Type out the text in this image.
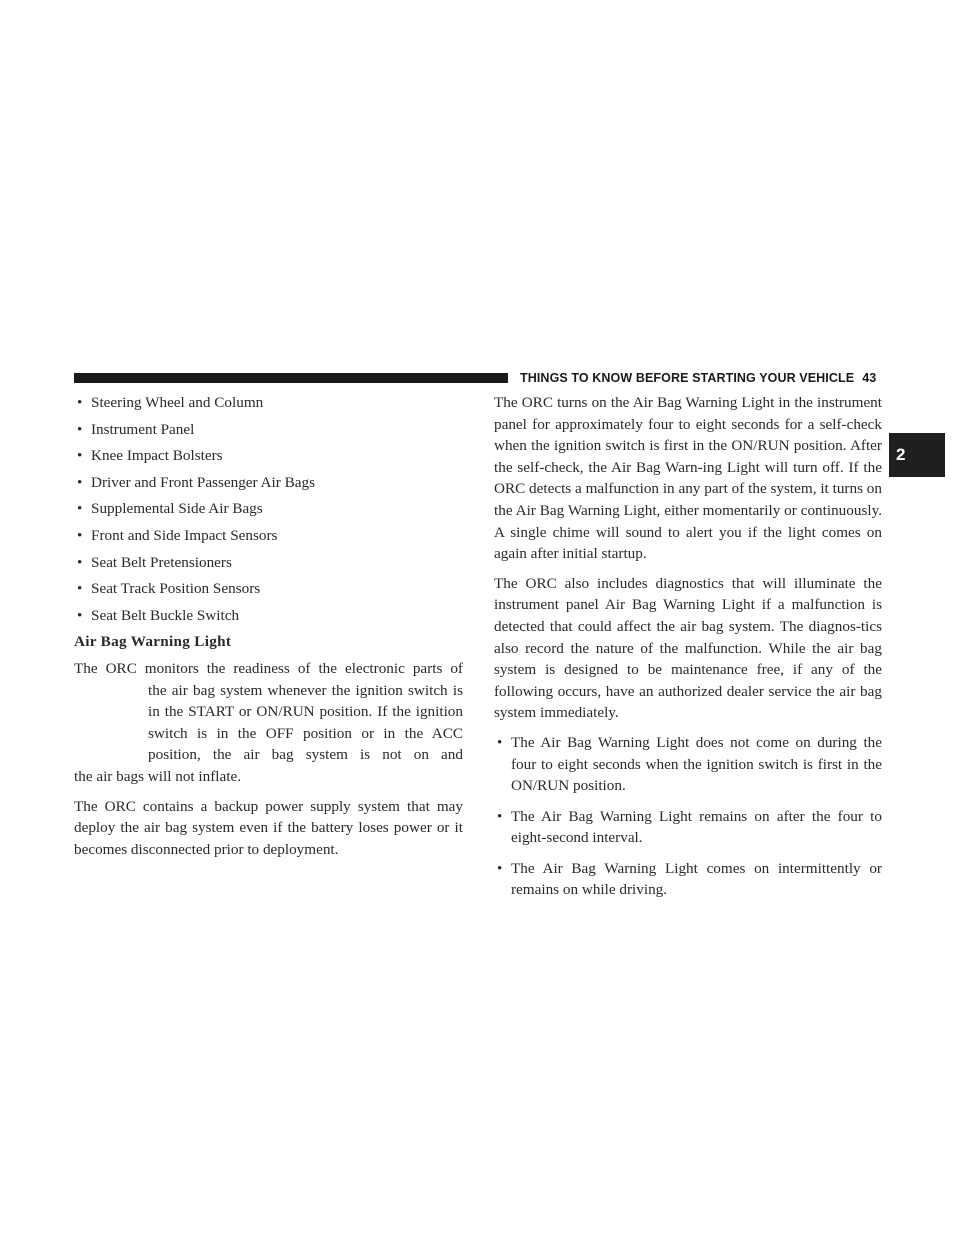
THINGS TO KNOW BEFORE STARTING YOUR VEHICLE 43
2
• Steering Wheel and Column
• Instrument Panel
• Knee Impact Bolsters
• Driver and Front Passenger Air Bags
• Supplemental Side Air Bags
• Front and Side Impact Sensors
• Seat Belt Pretensioners
• Seat Track Position Sensors
• Seat Belt Buckle Switch
Air Bag Warning Light

The ORC monitors the readiness of the electronic parts of
the air bag system whenever the ignition switch is in the START or ON/RUN position. If the ignition switch is in the OFF position or in the ACC position, the air bag system is not on and
the air bags will not inflate.

The ORC contains a backup power supply system that may deploy the air bag system even if the battery loses power or it becomes disconnected prior to deployment.

The ORC turns on the Air Bag Warning Light in the instrument panel for approximately four to eight seconds for a self-check when the ignition switch is first in the ON/RUN position. After the self-check, the Air Bag Warn-ing Light will turn off. If the ORC detects a malfunction in any part of the system, it turns on the Air Bag Warning Light, either momentarily or continuously. A single chime will sound to alert you if the light comes on again after initial startup.

The ORC also includes diagnostics that will illuminate the instrument panel Air Bag Warning Light if a malfunction is detected that could affect the air bag system. The diagnos-tics also record the nature of the malfunction. While the air bag system is designed to be maintenance free, if any of the following occurs, have an authorized dealer service the air bag system immediately.

• The Air Bag Warning Light does not come on during the four to eight seconds when the ignition switch is first in the ON/RUN position.
• The Air Bag Warning Light remains on after the four to eight-second interval.
• The Air Bag Warning Light comes on intermittently or remains on while driving.
